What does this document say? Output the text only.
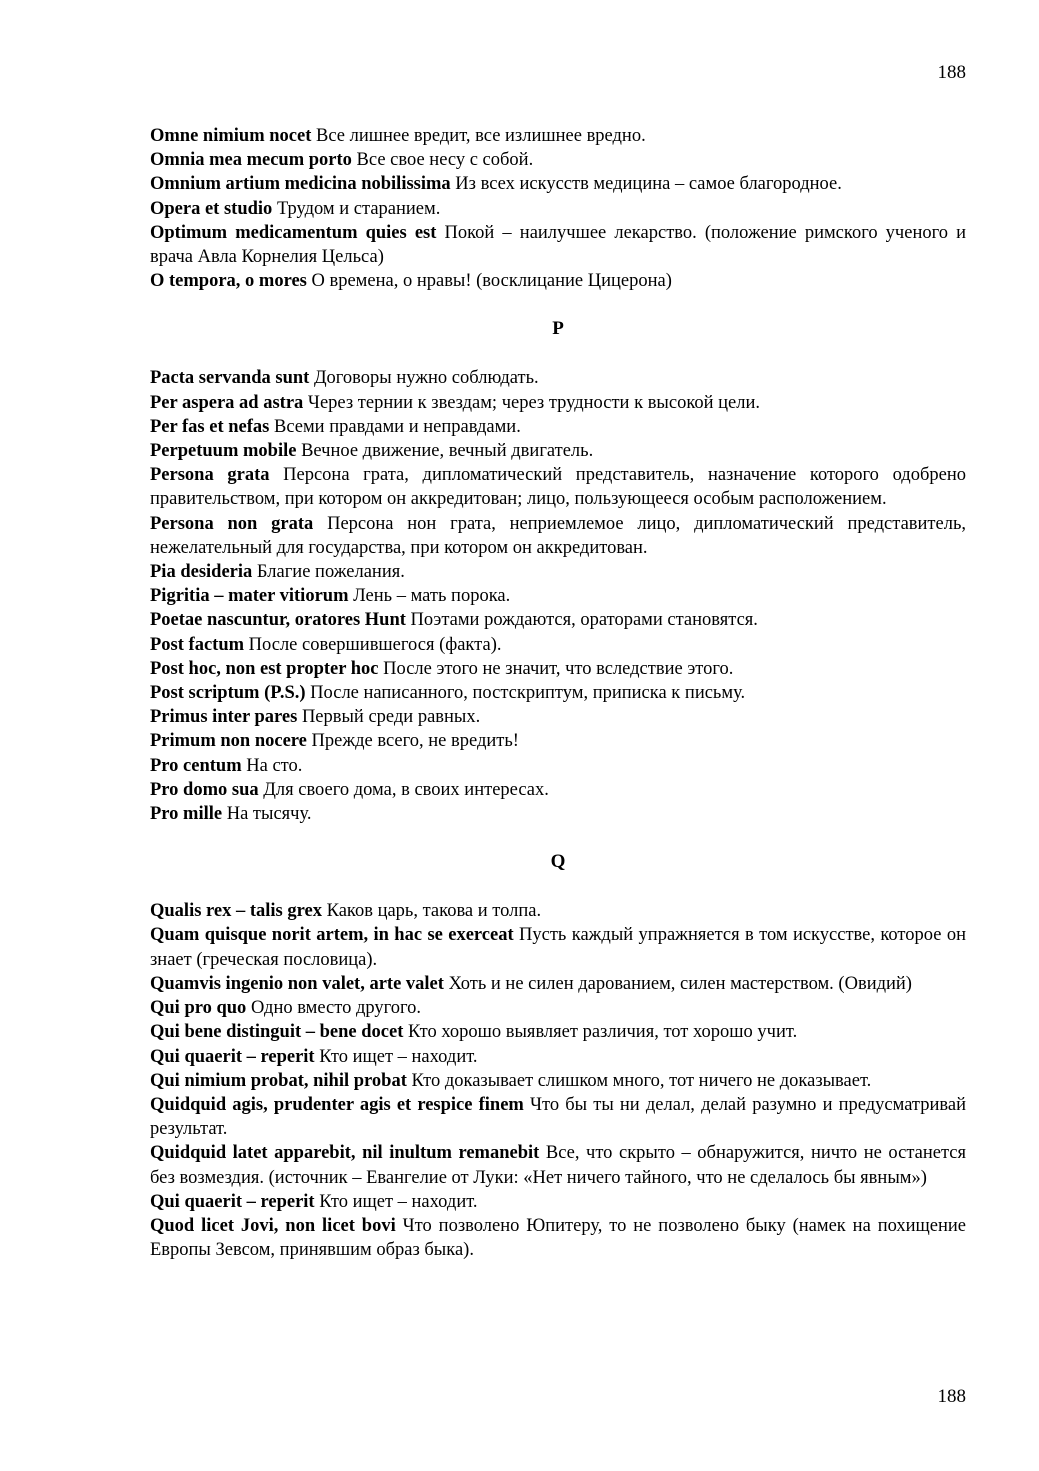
188

Omne nimium nocet Все лишнее вредит, все излишнее вредно.

Omnia mea mecum porto Все свое несу с собой.

Omnium artium medicina nobilissima Из всех искусств медицина – самое благородное.

Opera et studio Трудом и старанием.

Optimum medicamentum quies est Покой – наилучшее лекарство. (положение римского ученого и врача Авла Корнелия Цельса)

O tempora, o mores О времена, о нравы! (восклицание Цицерона)

P

Pacta servanda sunt Договоры нужно соблюдать.

Per aspera ad astra Через тернии к звездам; через трудности к высокой цели.

Per fas et nefas Всеми правдами и неправдами.

Perpetuum mobile Вечное движение, вечный двигатель.

Persona grata Персона грата, дипломатический представитель, назначение которого одобрено правительством, при котором он аккредитован; лицо, пользующееся особым расположением.

Persona non grata Персона нон грата, неприемлемое лицо, дипломатический представитель, нежелательный для государства, при котором он аккредитован.

Pia desideria Благие пожелания.

Pigritia – mater vitiorum Лень – мать порока.

Poetae nascuntur, oratores Hunt Поэтами рождаются, ораторами становятся.

Post factum После совершившегося (факта).

Post hoc, non est propter hoc После этого не значит, что вследствие этого.

Post scriptum (P.S.) После написанного, постскриптум, приписка к письму.

Primus inter pares Первый среди равных.

Primum non nocere Прежде всего, не вредить!

Pro centum На сто.

Pro domo sua Для своего дома, в своих интересах.

Pro mille На тысячу.

Q

Qualis rex – talis grex Каков царь, такова и толпа.

Quam quisque norit artem, in hac se exerceat Пусть каждый упражняется в том искусстве, которое он знает (греческая пословица).

Quamvis ingenio non valet, arte valet Хоть и не силен дарованием, силен мастерством. (Овидий)

Qui pro quo Одно вместо другого.

Qui bene distinguit – bene docet Кто хорошо выявляет различия, тот хорошо учит.

Qui quaerit – reperit Кто ищет – находит.

Qui nimium probat, nihil probat Кто доказывает слишком много, тот ничего не доказывает.

Quidquid agis, prudenter agis et respice finem Что бы ты ни делал, делай разумно и предусматривай результат.

Quidquid latet apparebit, nil inultum remanebit Все, что скрыто – обнаружится, ничто не останется без возмездия. (источник – Евангелие от Луки: «Нет ничего тайного, что не сделалось бы явным»)

Qui quaerit – reperit Кто ищет – находит.

Quod licet Jovi, non licet bovi Что позволено Юпитеру, то не позволено быку (намек на похищение Европы Зевсом, принявшим образ быка).

188
